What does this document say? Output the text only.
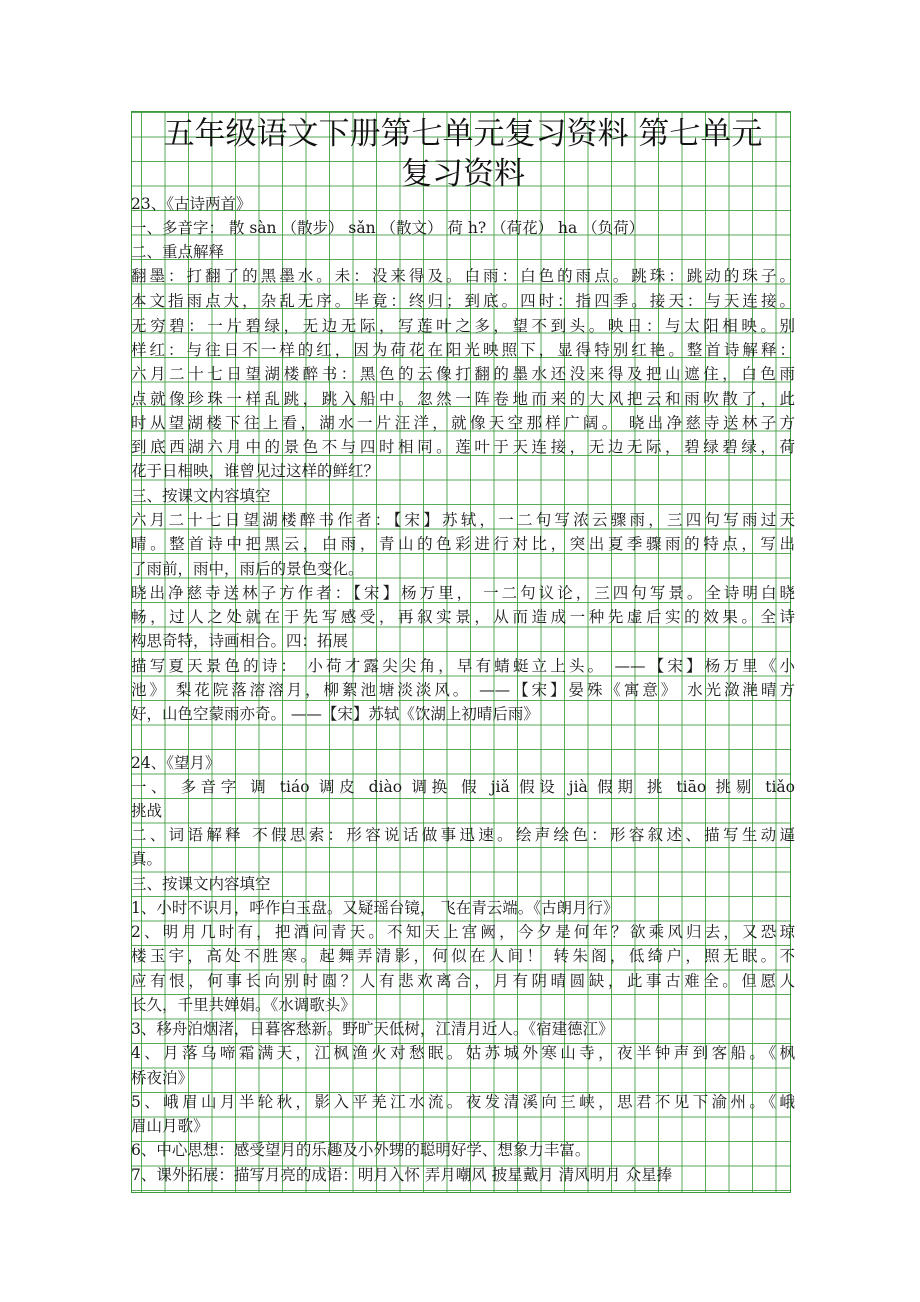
五年级语文下册第七单元复习资料 第七单元
复习资料
23、《古诗两首》
一、多音字： 散 sàn （散步） sǎn （散文） 荷 h? （荷花） ha （负荷）
二、重点解释
翻墨：打翻了的黑墨水。未：没来得及。白雨：白色的雨点。跳珠：跳动的珠子。
本文指雨点大，杂乱无序。毕竟：终归；到底。四时：指四季。接天：与天连接。
无穷碧：一片碧绿，无边无际，写莲叶之多，望不到头。映日：与太阳相映。别
样红：与往日不一样的红，因为荷花在阳光映照下，显得特别红艳。整首诗解释：
六月二十七日望湖楼醉书：黑色的云像打翻的墨水还没来得及把山遮住，白色雨
点就像珍珠一样乱跳，跳入船中。忽然一阵卷地而来的大风把云和雨吹散了，此
时从望湖楼下往上看，湖水一片汪洋，就像天空那样广阔。 晓出净慈寺送林子方
到底西湖六月中的景色不与四时相同。莲叶于天连接，无边无际，碧绿碧绿，荷
花于日相映，谁曾见过这样的鲜红？
三、按课文内容填空
六月二十七日望湖楼醉书作者：【宋】苏轼，一二句写浓云骤雨，三四句写雨过天
晴。整首诗中把黑云，白雨，青山的色彩进行对比，突出夏季骤雨的特点，写出
了雨前，雨中，雨后的景色变化。
晓出净慈寺送林子方作者：【宋】杨万里， 一二句议论，三四句写景。全诗明白晓
畅，过人之处就在于先写感受，再叙实景，从而造成一种先虚后实的效果。全诗
构思奇特，诗画相合。四：拓展
描写夏天景色的诗： 小荷才露尖尖角，早有蜻蜓立上头。 ——【宋】杨万里《小
池》 梨花院落溶溶月，柳絮池塘淡淡风。 ——【宋】晏殊《寓意》 水光潋滟晴方
好，山色空蒙雨亦奇。 ——【宋】苏轼《饮湖上初晴后雨》
24、《望月》
一、 多音字 调 tiáo 调皮 diào 调换 假 jiǎ 假设 jià 假期 挑 tiāo 挑剔 tiǎo
挑战
二、词语解释 不假思索：形容说话做事迅速。绘声绘色：形容叙述、描写生动逼
真。
三、按课文内容填空
1、小时不识月，呼作白玉盘。又疑瑶台镜， 飞在青云端。《古朗月行》
2、明月几时有，把酒问青天。不知天上宫阙，今夕是何年？欲乘风归去，又恐琼
楼玉宇，高处不胜寒。起舞弄清影，何似在人间！ 转朱阁，低绮户，照无眠。不
应有恨，何事长向别时圆？人有悲欢离合，月有阴晴圆缺，此事古难全。但愿人
长久，千里共婵娟。《水调歌头》
3、移舟泊烟渚，日暮客愁新。野旷天低树，江清月近人。《宿建德江》
4、月落乌啼霜满天，江枫渔火对愁眠。姑苏城外寒山寺，夜半钟声到客船。《枫
桥夜泊》
5、峨眉山月半轮秋，影入平羌江水流。夜发清溪向三峡，思君不见下渝州。《峨
眉山月歌》
6、中心思想：感受望月的乐趣及小外甥的聪明好学、想象力丰富。
7、课外拓展：描写月亮的成语：明月入怀 弄月嘲风 披星戴月 清风明月 众星捧
